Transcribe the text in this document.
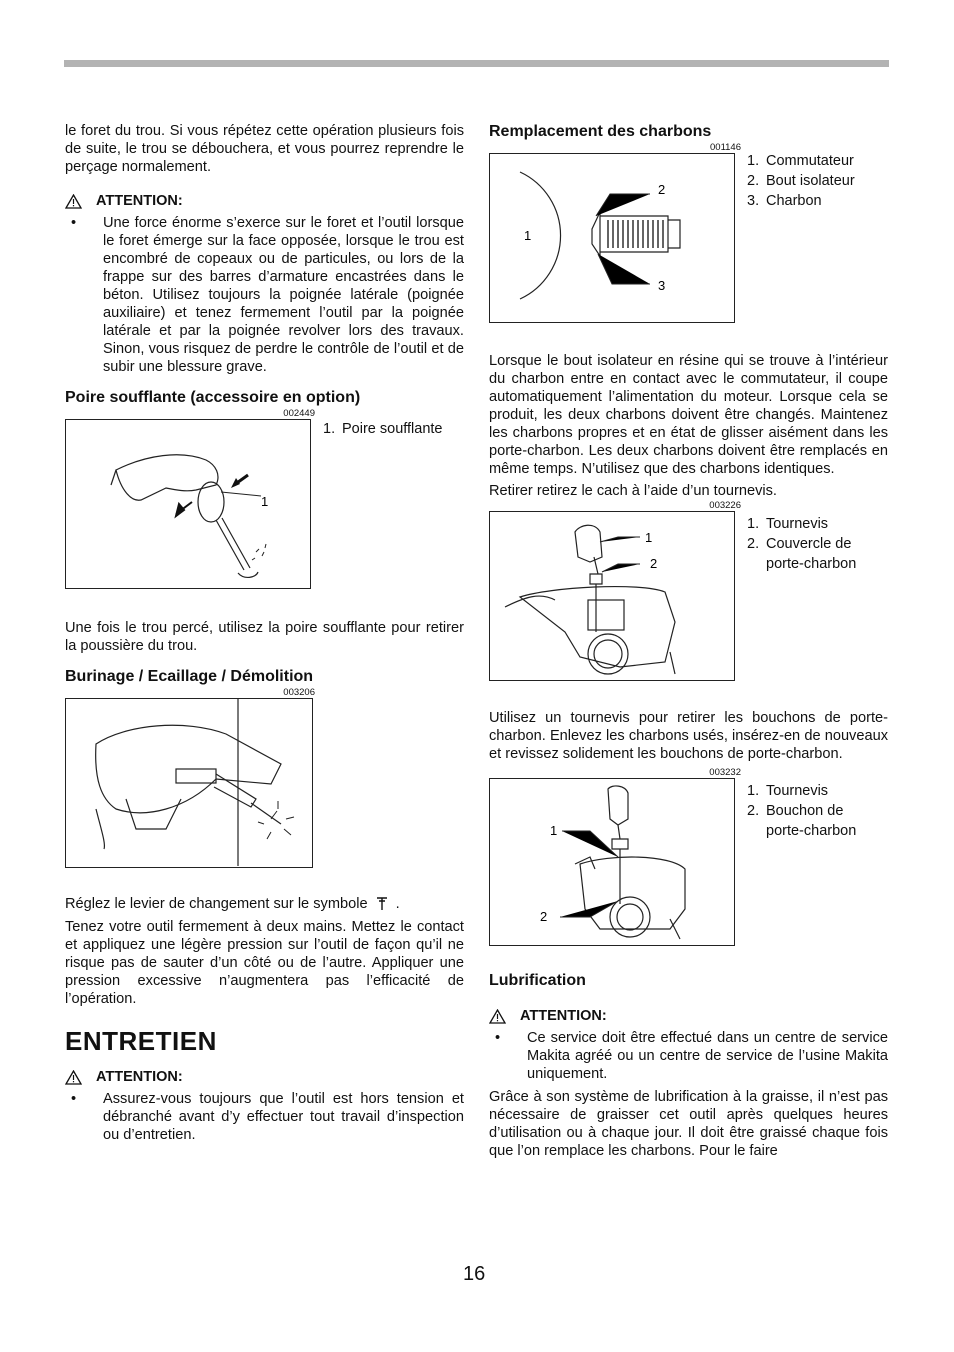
le foret du trou. Si vous répétez cette opération plusieurs fois de suite, le trou se débouchera, et vous pourrez reprendre le perçage normalement.

ATTENTION:
•	Une force énorme s’exerce sur le foret et l’outil lorsque le foret émerge sur la face opposée, lorsque le trou est encombré de copeaux ou de particules, ou lors de la frappe sur des barres d’armature encastrées dans le béton. Utilisez toujours la poignée latérale (poignée auxiliaire) et tenez fermement l’outil par la poignée latérale et par la poignée revolver lors des travaux. Sinon, vous risquez de perdre le contrôle de l’outil et de subir une blessure grave.
Poire soufflante (accessoire en option)
002449
1
1. Poire soufflante

Une fois le trou percé, utilisez la poire soufflante pour retirer la poussière du trou.

Burinage / Ecaillage / Démolition
003206

Réglez le levier de changement sur le symbole .

Tenez votre outil fermement à deux mains. Mettez le contact et appliquez une légère pression sur l’outil de façon qu’il ne risque pas de sauter d’un côté ou de l’autre. Appliquer une pression excessive n’augmentera pas l’efficacité de l’opération.

ENTRETIEN
ATTENTION:
•	Assurez-vous toujours que l’outil est hors tension et débranché avant d’y effectuer tout travail d’inspection ou d’entretien.
Remplacement des charbons
001146
2
1
3
1. Commutateur
2. Bout isolateur
3. Charbon

Lorsque le bout isolateur en résine qui se trouve à l’intérieur du charbon entre en contact avec le commutateur, il coupe automatiquement l’alimentation du moteur. Lorsque cela se produit, les deux charbons doivent être changés. Maintenez les charbons propres et en état de glisser aisément dans les porte-charbon. Les deux charbons doivent être remplacés en même temps. N’utilisez que des charbons identiques.

Retirer retirez le cach à l’aide d’un tournevis.

003226
1
2
1. Tournevis
2. Couvercle de porte-charbon

Utilisez un tournevis pour retirer les bouchons de porte-charbon. Enlevez les charbons usés, insérez-en de nouveaux et revissez solidement les bouchons de porte-charbon.

003232
1
2
1. Tournevis
2. Bouchon de porte-charbon
Lubrification
ATTENTION:
•	Ce service doit être effectué dans un centre de service Makita agréé ou un centre de service de l’usine Makita uniquement.

Grâce à son système de lubrification à la graisse, il n’est pas nécessaire de graisser cet outil après quelques heures d’utilisation ou à chaque jour. Il doit être graissé chaque fois que l’on remplace les charbons. Pour le faire

16
